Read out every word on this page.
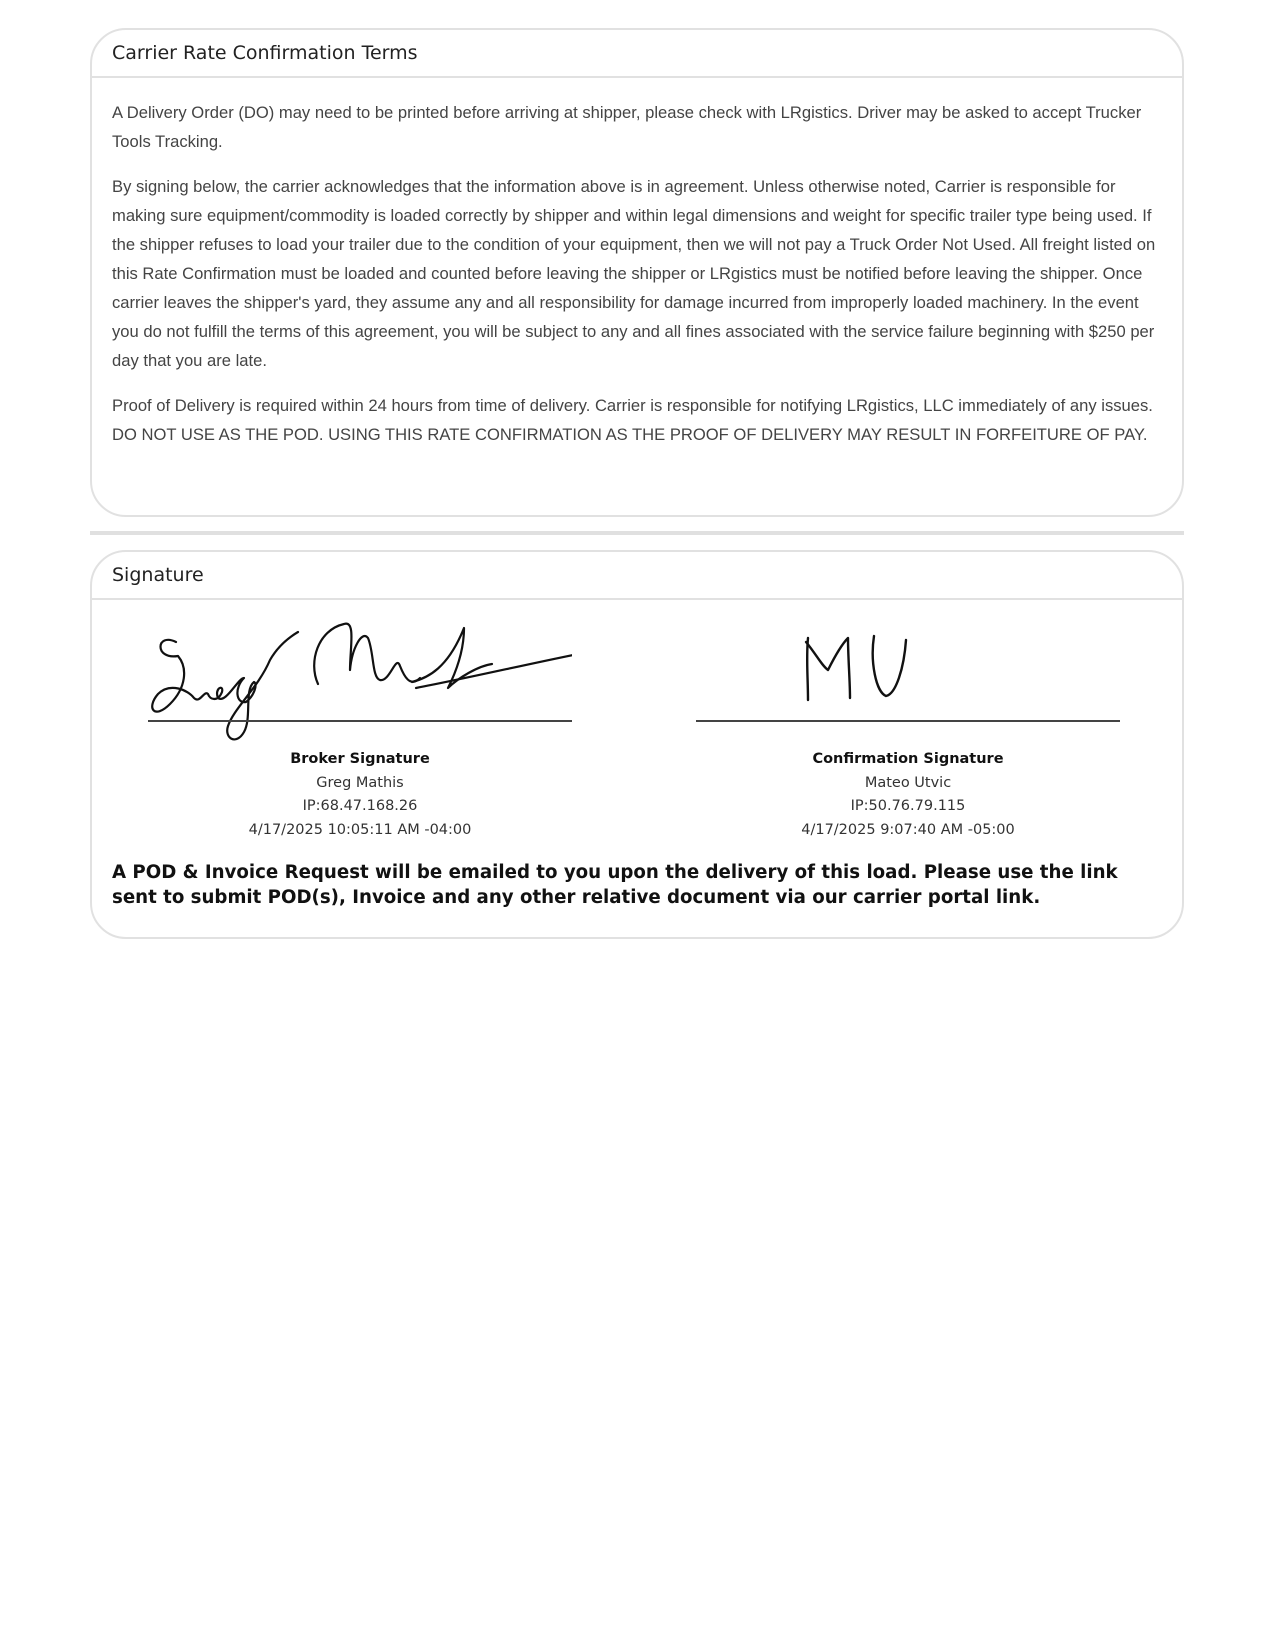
Carrier Rate Confirmation Terms

A Delivery Order (DO) may need to be printed before arriving at shipper, please check with LRgistics. Driver may be asked to accept Trucker Tools Tracking.

By signing below, the carrier acknowledges that the information above is in agreement. Unless otherwise noted, Carrier is responsible for making sure equipment/commodity is loaded correctly by shipper and within legal dimensions and weight for specific trailer type being used. If the shipper refuses to load your trailer due to the condition of your equipment, then we will not pay a Truck Order Not Used. All freight listed on this Rate Confirmation must be loaded and counted before leaving the shipper or LRgistics must be notified before leaving the shipper. Once carrier leaves the shipper's yard, they assume any and all responsibility for damage incurred from improperly loaded machinery. In the event you do not fulfill the terms of this agreement, you will be subject to any and all fines associated with the service failure beginning with $250 per day that you are late.

Proof of Delivery is required within 24 hours from time of delivery. Carrier is responsible for notifying LRgistics, LLC immediately of any issues. DO NOT USE AS THE POD. USING THIS RATE CONFIRMATION AS THE PROOF OF DELIVERY MAY RESULT IN FORFEITURE OF PAY.

Signature
Broker Signature
Greg Mathis
IP:68.47.168.26
4/17/2025 10:05:11 AM -04:00
Confirmation Signature
Mateo Utvic
IP:50.76.79.115
4/17/2025 9:07:40 AM -05:00
A POD & Invoice Request will be emailed to you upon the delivery of this load. Please use the link sent to submit POD(s), Invoice and any other relative document via our carrier portal link.
